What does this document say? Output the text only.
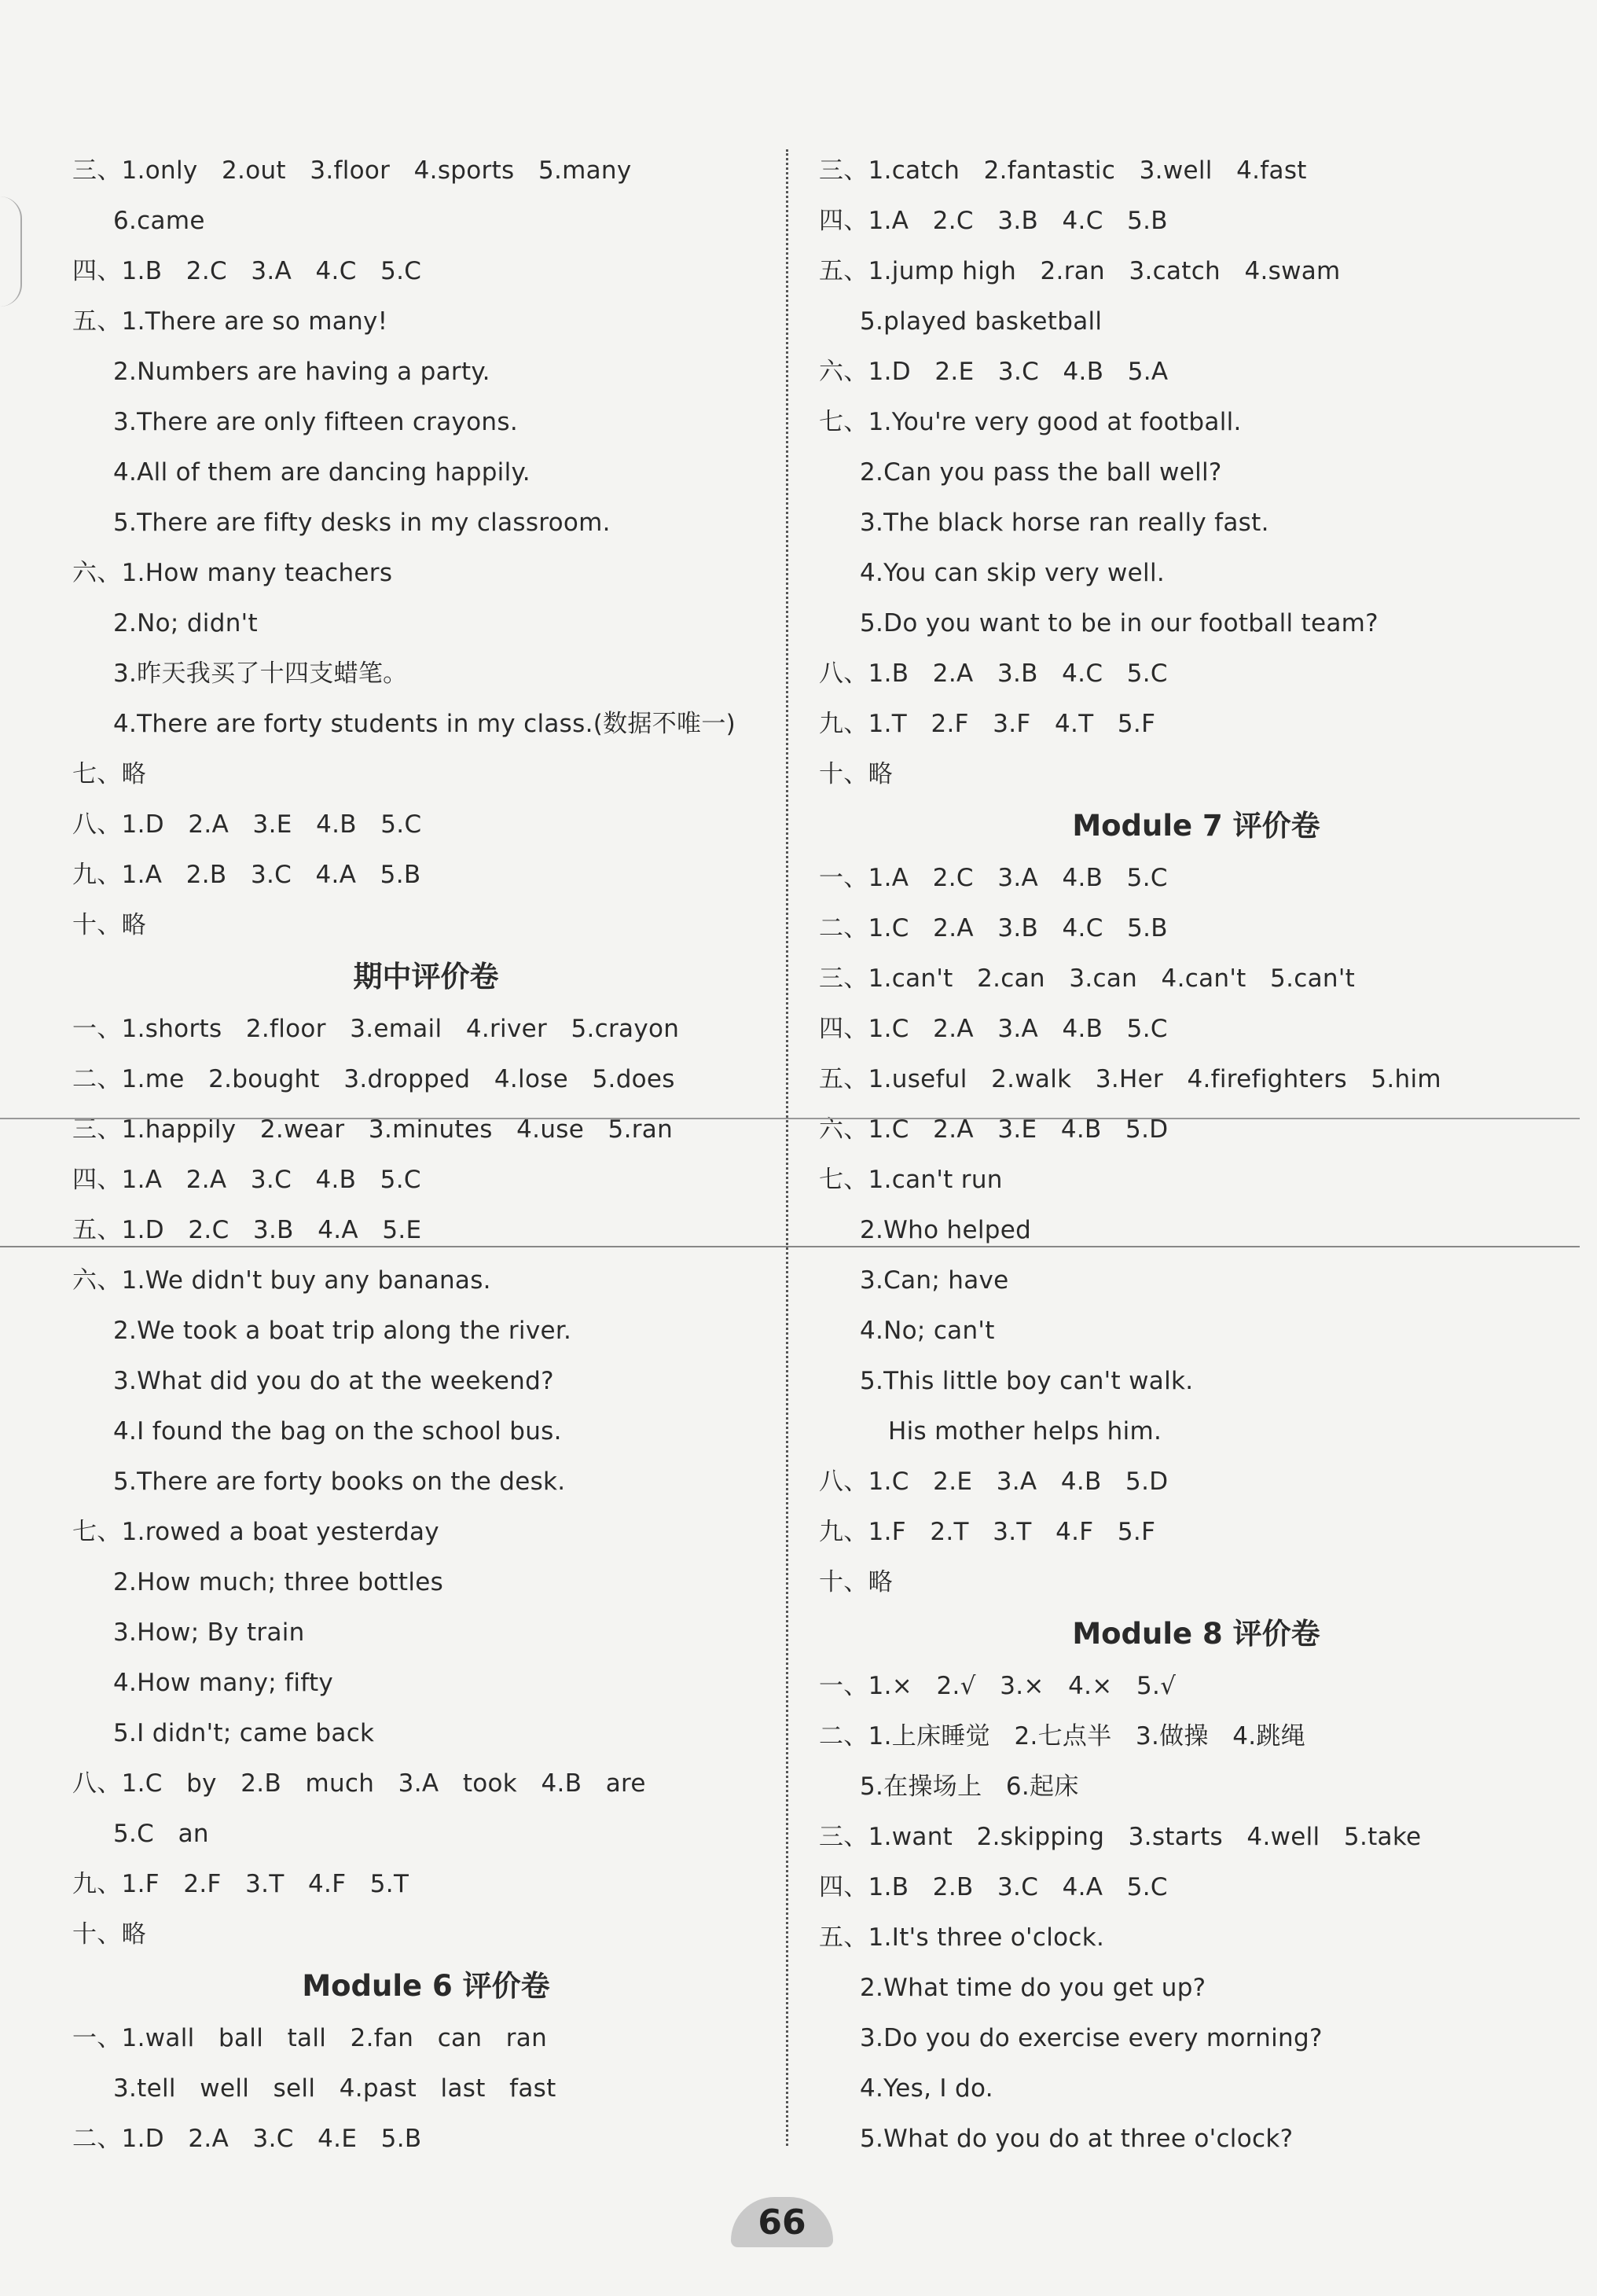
三、1.only   2.out   3.floor   4.sports   5.many
6.came
四、1.B   2.C   3.A   4.C   5.C
五、1.There are so many!
2.Numbers are having a party.
3.There are only fifteen crayons.
4.All of them are dancing happily.
5.There are fifty desks in my classroom.
六、1.How many teachers
2.No; didn't
3.昨天我买了十四支蜡笔。
4.There are forty students in my class.(数据不唯一)
七、略
八、1.D   2.A   3.E   4.B   5.C
九、1.A   2.B   3.C   4.A   5.B
十、略
期中评价卷
一、1.shorts   2.floor   3.email   4.river   5.crayon
二、1.me   2.bought   3.dropped   4.lose   5.does
三、1.happily   2.wear   3.minutes   4.use   5.ran
四、1.A   2.A   3.C   4.B   5.C
五、1.D   2.C   3.B   4.A   5.E
六、1.We didn't buy any bananas.
2.We took a boat trip along the river.
3.What did you do at the weekend?
4.I found the bag on the school bus.
5.There are forty books on the desk.
七、1.rowed a boat yesterday
2.How much; three bottles
3.How; By train
4.How many; fifty
5.I didn't; came back
八、1.C   by   2.B   much   3.A   took   4.B   are
5.C   an
九、1.F   2.F   3.T   4.F   5.T
十、略
Module 6 评价卷
一、1.wall   ball   tall   2.fan   can   ran
3.tell   well   sell   4.past   last   fast
二、1.D   2.A   3.C   4.E   5.B
三、1.catch   2.fantastic   3.well   4.fast
四、1.A   2.C   3.B   4.C   5.B
五、1.jump high   2.ran   3.catch   4.swam
5.played basketball
六、1.D   2.E   3.C   4.B   5.A
七、1.You're very good at football.
2.Can you pass the ball well?
3.The black horse ran really fast.
4.You can skip very well.
5.Do you want to be in our football team?
八、1.B   2.A   3.B   4.C   5.C
九、1.T   2.F   3.F   4.T   5.F
十、略
Module 7 评价卷
一、1.A   2.C   3.A   4.B   5.C
二、1.C   2.A   3.B   4.C   5.B
三、1.can't   2.can   3.can   4.can't   5.can't
四、1.C   2.A   3.A   4.B   5.C
五、1.useful   2.walk   3.Her   4.firefighters   5.him
六、1.C   2.A   3.E   4.B   5.D
七、1.can't run
2.Who helped
3.Can; have
4.No; can't
5.This little boy can't walk.
His mother helps him.
八、1.C   2.E   3.A   4.B   5.D
九、1.F   2.T   3.T   4.F   5.F
十、略
Module 8 评价卷
一、1.×   2.√   3.×   4.×   5.√
二、1.上床睡觉   2.七点半   3.做操   4.跳绳
5.在操场上   6.起床
三、1.want   2.skipping   3.starts   4.well   5.take
四、1.B   2.B   3.C   4.A   5.C
五、1.It's three o'clock.
2.What time do you get up?
3.Do you do exercise every morning?
4.Yes, I do.
5.What do you do at three o'clock?
66
